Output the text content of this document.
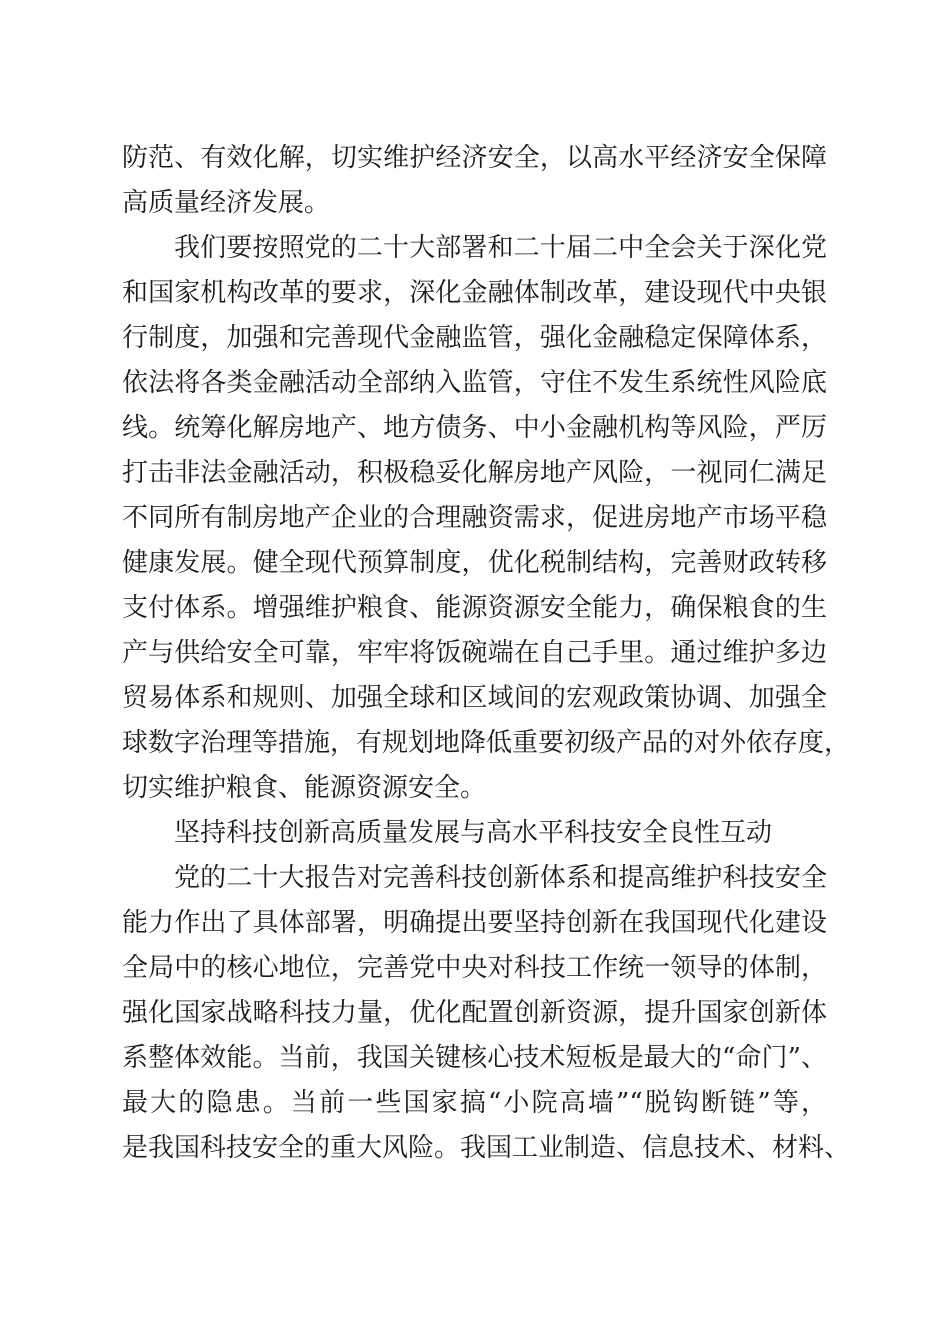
防范、有效化解，切实维护经济安全，以高水平经济安全保障

高质量经济发展。

我们要按照党的二十大部署和二十届二中全会关于深化党

和国家机构改革的要求，深化金融体制改革，建设现代中央银

行制度，加强和完善现代金融监管，强化金融稳定保障体系，

依法将各类金融活动全部纳入监管，守住不发生系统性风险底

线。统筹化解房地产、地方债务、中小金融机构等风险，严厉

打击非法金融活动，积极稳妥化解房地产风险，一视同仁满足

不同所有制房地产企业的合理融资需求，促进房地产市场平稳

健康发展。健全现代预算制度，优化税制结构，完善财政转移

支付体系。增强维护粮食、能源资源安全能力，确保粮食的生

产与供给安全可靠，牢牢将饭碗端在自己手里。通过维护多边

贸易体系和规则、加强全球和区域间的宏观政策协调、加强全

球数字治理等措施，有规划地降低重要初级产品的对外依存度，

切实维护粮食、能源资源安全。

坚持科技创新高质量发展与高水平科技安全良性互动

党的二十大报告对完善科技创新体系和提高维护科技安全

能力作出了具体部署，明确提出要坚持创新在我国现代化建设

全局中的核心地位，完善党中央对科技工作统一领导的体制，

强化国家战略科技力量，优化配置创新资源，提升国家创新体

系整体效能。当前，我国关键核心技术短板是最大的“命门”、

最大的隐患。当前一些国家搞“小院高墙”“脱钩断链”等，

是我国科技安全的重大风险。我国工业制造、信息技术、材料、
